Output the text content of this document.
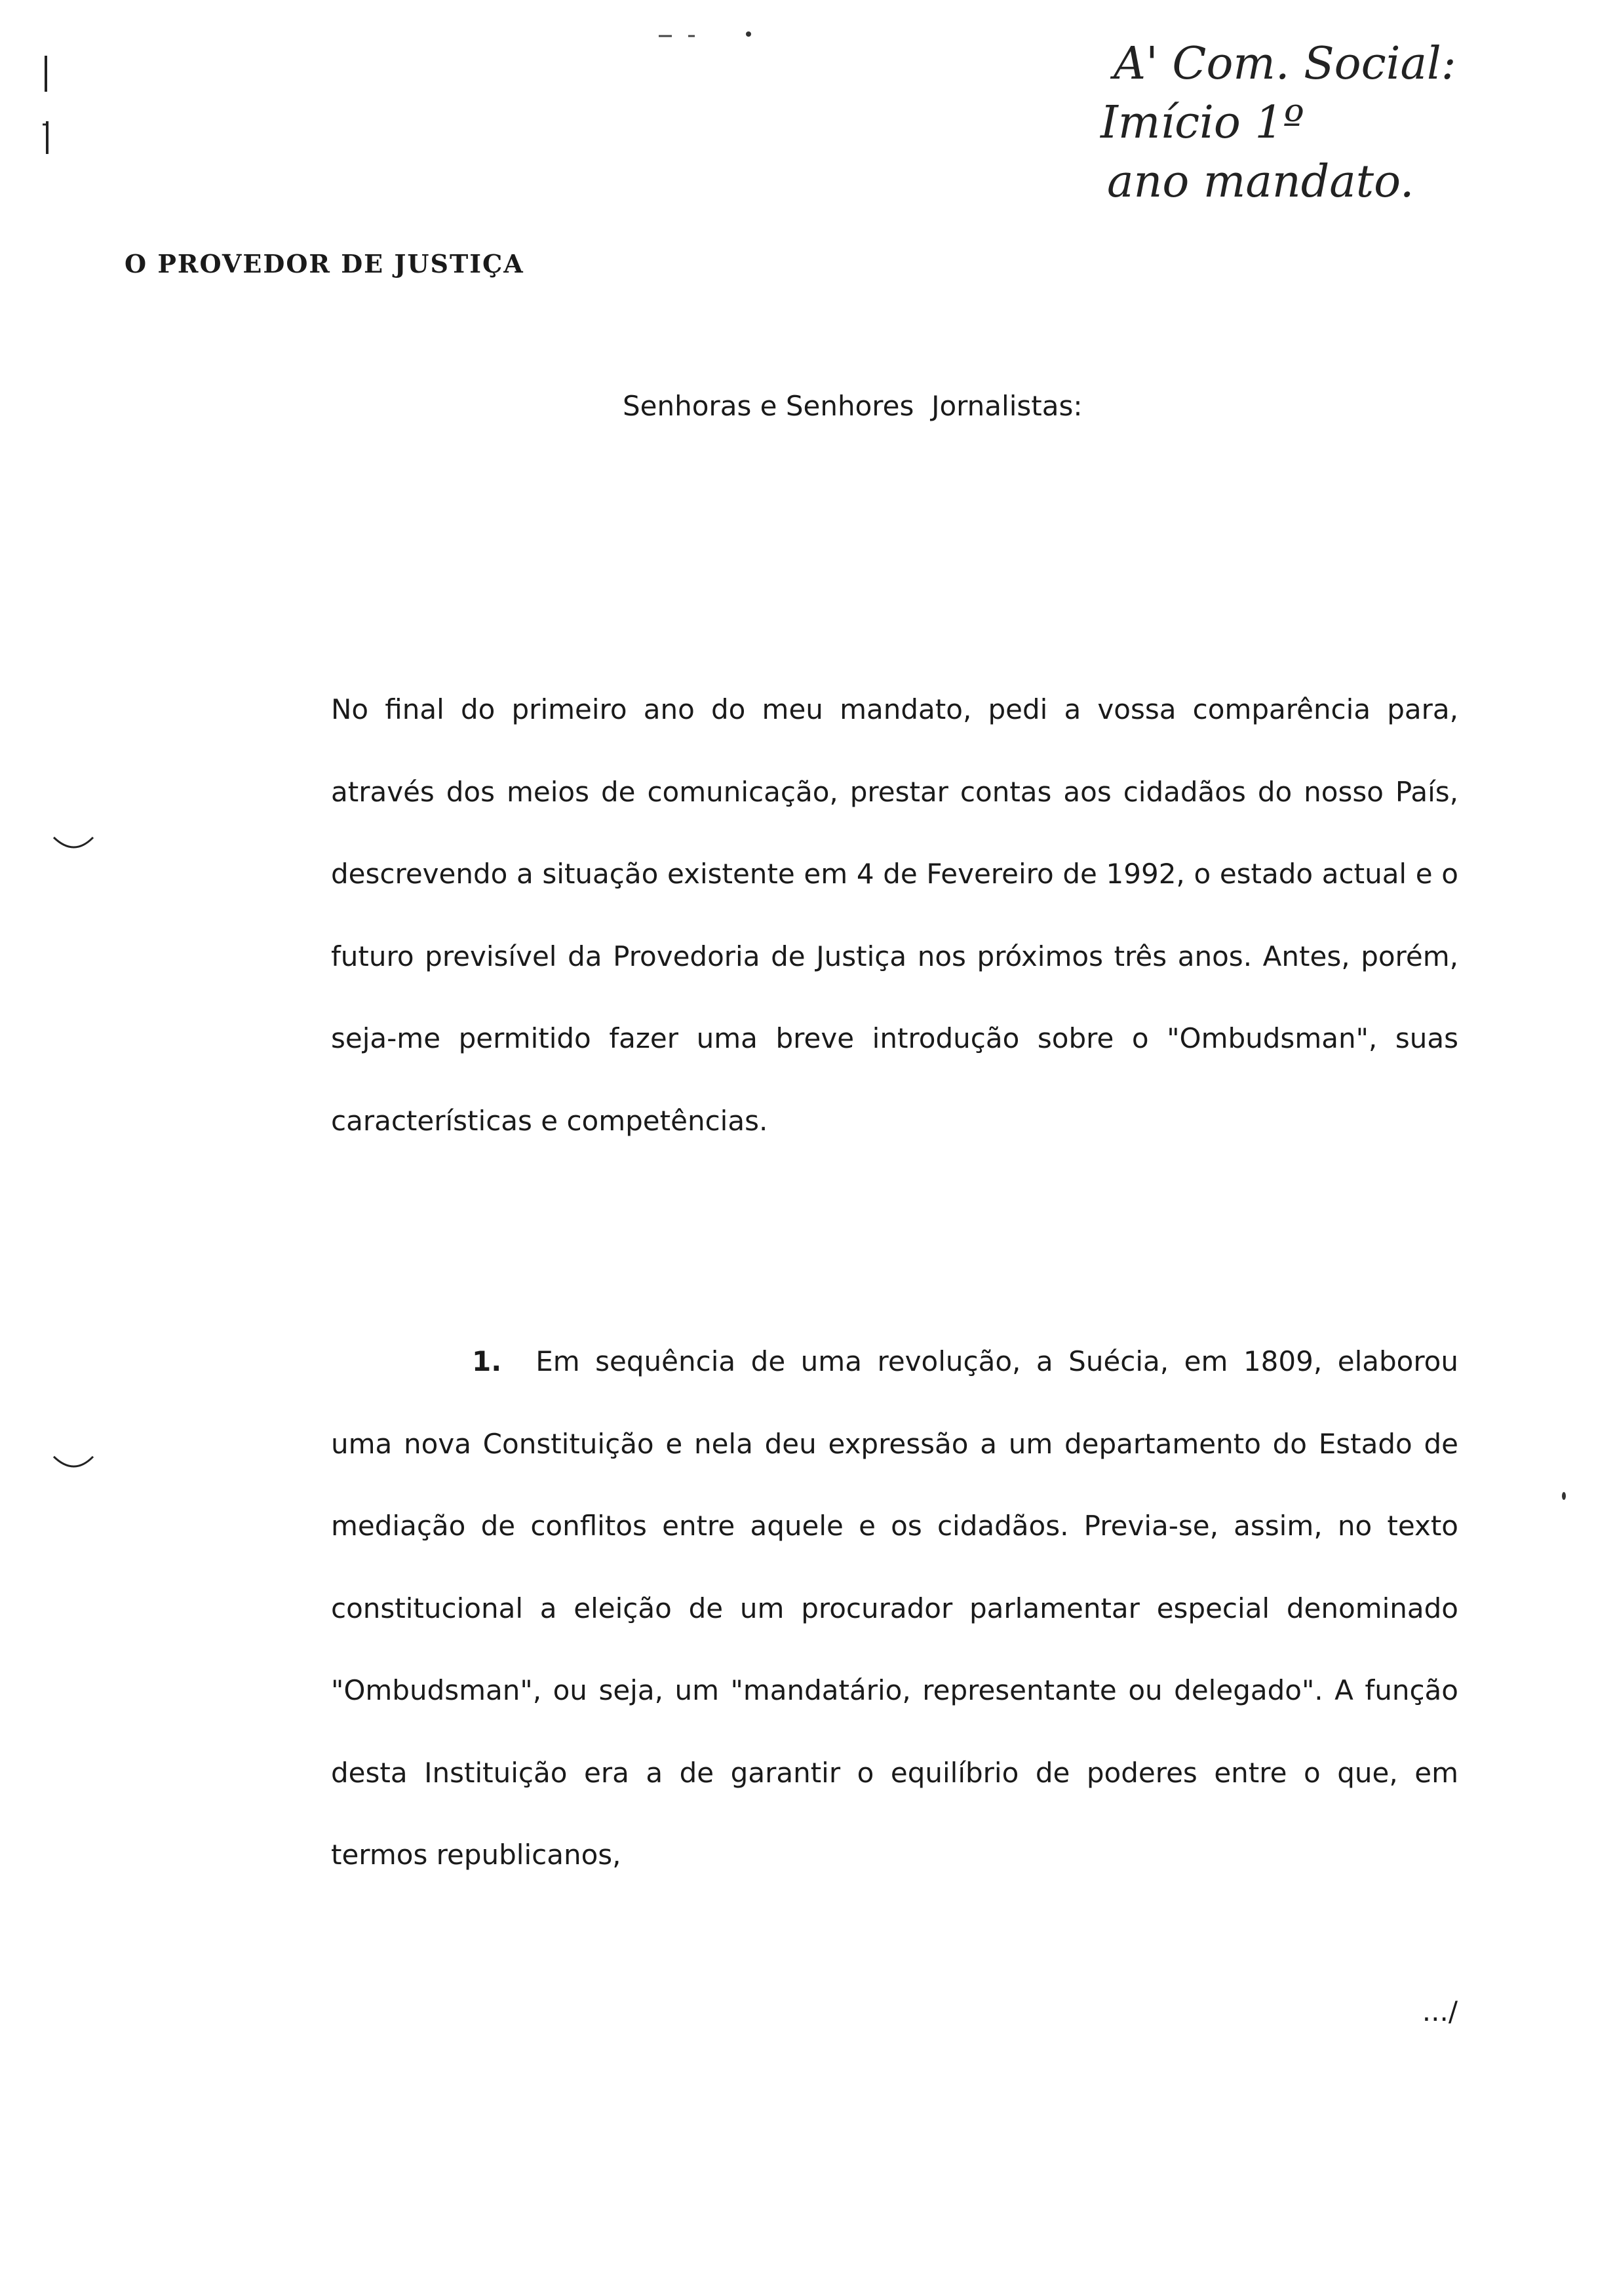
A' Com. Social:
Imício 1º
ano mandato.
O PROVEDOR DE JUSTIÇA
Senhoras e Senhores  Jornalistas:

No final do primeiro ano do meu mandato, pedi a vossa comparência para, através dos meios de comunicação, prestar contas aos cidadãos do nosso País, descrevendo a situação existente em 4 de Fevereiro de 1992, o estado actual e o futuro previsível da Provedoria de Justiça nos próximos três anos. Antes, porém, seja-me permitido fazer uma breve introdução sobre o "Ombudsman", suas características e competências.

1. Em sequência de uma revolução, a Suécia, em 1809, elaborou uma nova Constituição e nela deu expressão a um departamento do Estado de mediação de conflitos entre aquele e os cidadãos. Previa-se, assim, no texto constitucional a eleição de um procurador parlamentar especial denominado "Ombudsman", ou seja, um "mandatário, representante ou delegado". A função desta Instituição era a de garantir o equilíbrio de poderes entre o que, em termos republicanos,

.../
